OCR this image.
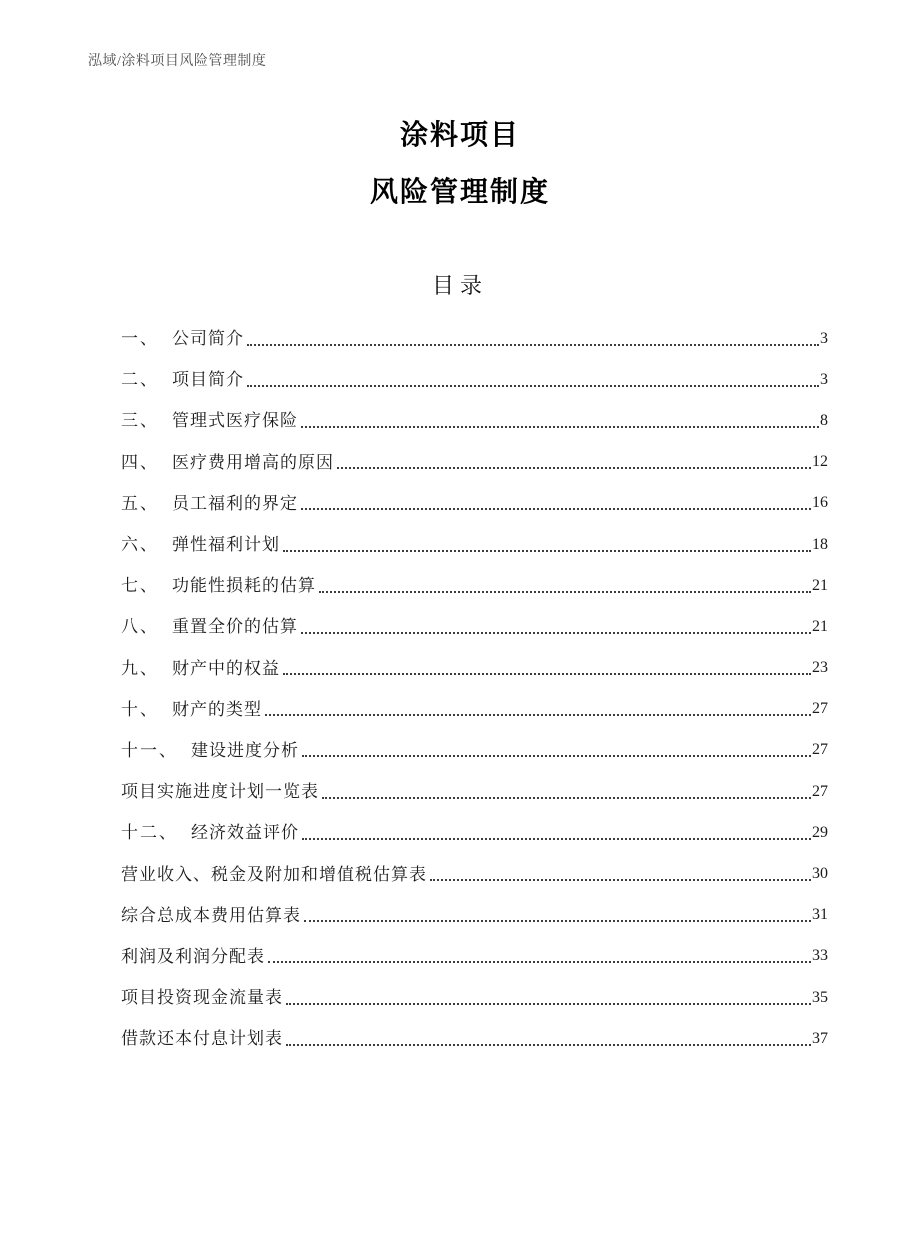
泓域/涂料项目风险管理制度
涂料项目
风险管理制度
目录
一、 公司简介	3
二、 项目简介	3
三、 管理式医疗保险	8
四、 医疗费用增高的原因	12
五、 员工福利的界定	16
六、 弹性福利计划	18
七、 功能性损耗的估算	21
八、 重置全价的估算	21
九、 财产中的权益	23
十、 财产的类型	27
十一、 建设进度分析	27
项目实施进度计划一览表	27
十二、 经济效益评价	29
营业收入、税金及附加和增值税估算表	30
综合总成本费用估算表	31
利润及利润分配表	33
项目投资现金流量表	35
借款还本付息计划表	37
